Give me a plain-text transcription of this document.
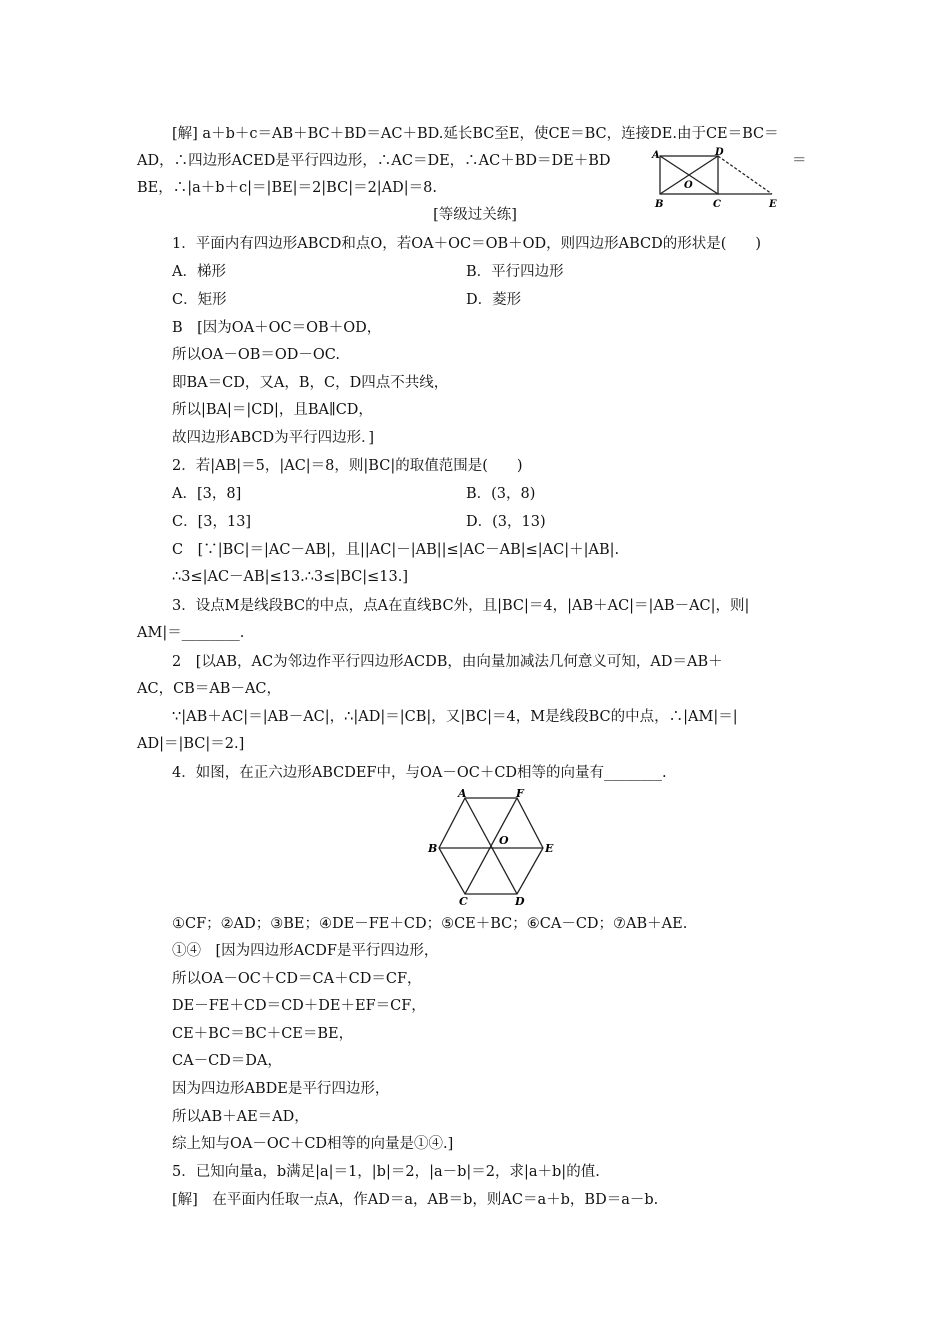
[解] a＋b＋c＝AB＋BC＋BD＝AC＋BD.延长BC至E，使CE＝BC，连接DE.由于CE＝BC＝
AD，∴四边形ACED是平行四边形，∴AC＝DE，∴AC＋BD＝DE＋BD	＝
BE，∴|a＋b＋c|＝|BE|＝2|BC|＝2|AD|＝8.
A	D
B	C	E
O
[等级过关练]
1．平面内有四边形ABCD和点O，若OA＋OC＝OB＋OD，则四边形ABCD的形状是(　　)
A．梯形	B．平行四边形
C．矩形	D．菱形
B　[因为OA＋OC＝OB＋OD，
所以OA－OB＝OD－OC.
即BA＝CD，又A，B，C，D四点不共线，
所以|BA|＝|CD|，且BA∥CD，
故四边形ABCD为平行四边形．]
2．若|AB|＝5，|AC|＝8，则|BC|的取值范围是(　　)
A．[3，8]	B．(3，8)
C．[3，13]	D．(3，13)
C　[∵|BC|＝|AC－AB|，且||AC|－|AB||≤|AC－AB|≤|AC|＋|AB|.
∴3≤|AC－AB|≤13.∴3≤|BC|≤13.]
3．设点M是线段BC的中点，点A在直线BC外，且|BC|＝4，|AB＋AC|＝|AB－AC|，则|
AM|＝________.
2　[以AB，AC为邻边作平行四边形ACDB，由向量加减法几何意义可知，AD＝AB＋
AC，CB＝AB－AC，
∵|AB＋AC|＝|AB－AC|，∴|AD|＝|CB|，又|BC|＝4，M是线段BC的中点，∴|AM|＝|
AD|＝|BC|＝2.]
4．如图，在正六边形ABCDEF中，与OA－OC＋CD相等的向量有________.
A	F
B
O
E
C	D
①CF；②AD；③BE；④DE－FE＋CD；⑤CE＋BC；⑥CA－CD；⑦AB＋AE.
①④　[因为四边形ACDF是平行四边形，
所以OA－OC＋CD＝CA＋CD＝CF，
DE－FE＋CD＝CD＋DE＋EF＝CF，
CE＋BC＝BC＋CE＝BE，
CA－CD＝DA，
因为四边形ABDE是平行四边形，
所以AB＋AE＝AD，
综上知与OA－OC＋CD相等的向量是①④.]
5．已知向量a，b满足|a|＝1，|b|＝2，|a－b|＝2，求|a＋b|的值.
[解]　在平面内任取一点A，作AD＝a，AB＝b，则AC＝a＋b，BD＝a－b.
